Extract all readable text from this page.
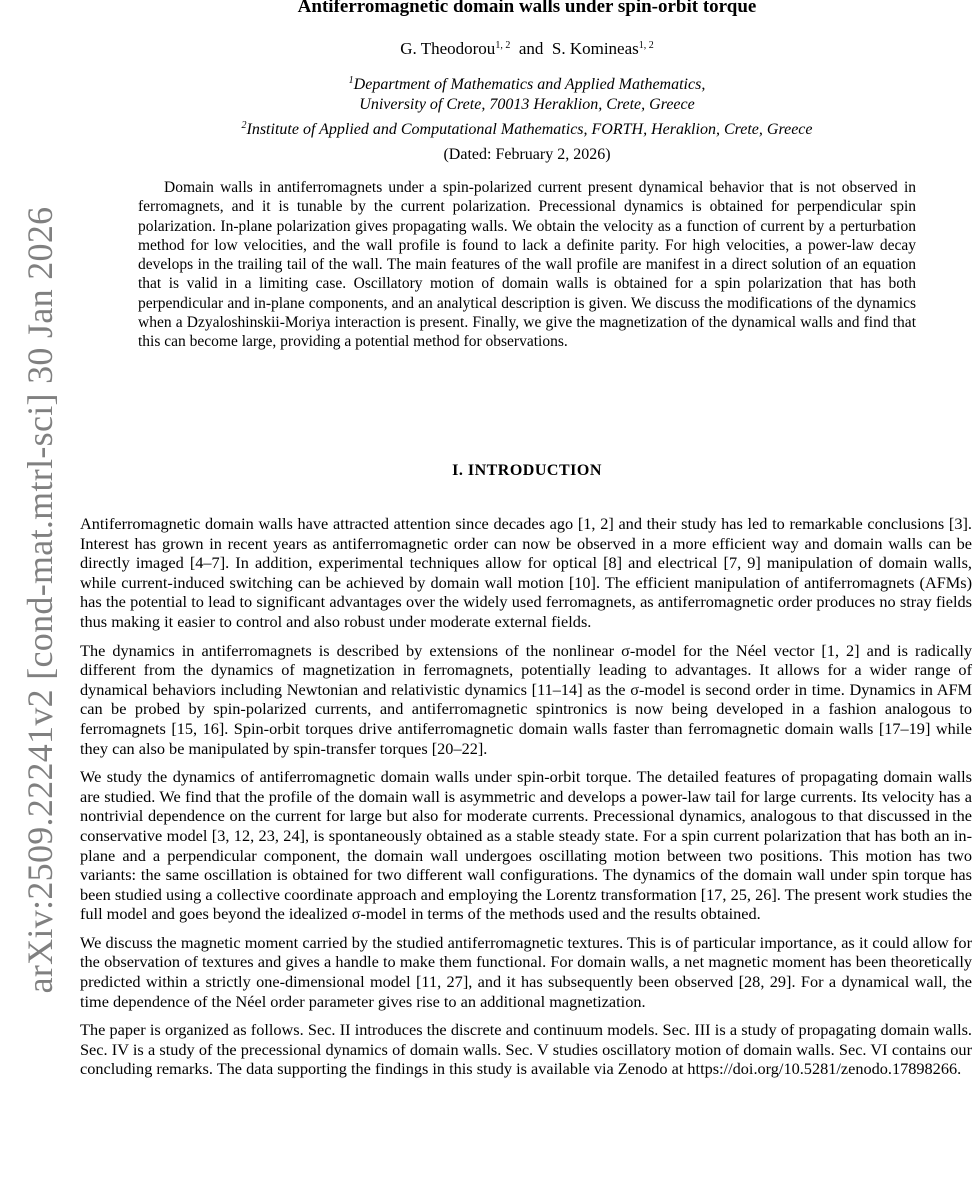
arXiv:2509.22241v2 [cond-mat.mtrl-sci] 30 Jan 2026
Antiferromagnetic domain walls under spin-orbit torque
G. Theodorou$^{1, 2}$ and S. Komineas$^{1, 2}$
$^1$Department of Mathematics and Applied Mathematics,
University of Crete, 70013 Heraklion, Crete, Greece
$^2$Institute of Applied and Computational Mathematics, FORTH, Heraklion, Crete, Greece
(Dated: February 2, 2026)
Domain walls in antiferromagnets under a spin-polarized current present dynamical behavior that is not observed in ferromagnets, and it is tunable by the current polarization. Precessional dynamics is obtained for perpendicular spin polarization. In-plane polarization gives propagating walls. We obtain the velocity as a function of current by a perturbation method for low velocities, and the wall profile is found to lack a definite parity. For high velocities, a power-law decay develops in the trailing tail of the wall. The main features of the wall profile are manifest in a direct solution of an equation that is valid in a limiting case. Oscillatory motion of domain walls is obtained for a spin polarization that has both perpendicular and in-plane components, and an analytical description is given. We discuss the modifications of the dynamics when a Dzyaloshinskii-Moriya interaction is present. Finally, we give the magnetization of the dynamical walls and find that this can become large, providing a potential method for observations.
I. INTRODUCTION

Antiferromagnetic domain walls have attracted attention since decades ago [1, 2] and their study has led to remarkable conclusions [3]. Interest has grown in recent years as antiferromagnetic order can now be observed in a more efficient way and domain walls can be directly imaged [4–7]. In addition, experimental techniques allow for optical [8] and electrical [7, 9] manipulation of domain walls, while current-induced switching can be achieved by domain wall motion [10]. The efficient manipulation of antiferromagnets (AFMs) has the potential to lead to significant advantages over the widely used ferromagnets, as antiferromagnetic order produces no stray fields thus making it easier to control and also robust under moderate external fields.

The dynamics in antiferromagnets is described by extensions of the nonlinear σ-model for the Néel vector [1, 2] and is radically different from the dynamics of magnetization in ferromagnets, potentially leading to advantages. It allows for a wider range of dynamical behaviors including Newtonian and relativistic dynamics [11–14] as the σ-model is second order in time. Dynamics in AFM can be probed by spin-polarized currents, and antiferromagnetic spintronics is now being developed in a fashion analogous to ferromagnets [15, 16]. Spin-orbit torques drive antiferromagnetic domain walls faster than ferromagnetic domain walls [17–19] while they can also be manipulated by spin-transfer torques [20–22].

We study the dynamics of antiferromagnetic domain walls under spin-orbit torque. The detailed features of propagating domain walls are studied. We find that the profile of the domain wall is asymmetric and develops a power-law tail for large currents. Its velocity has a nontrivial dependence on the current for large but also for moderate currents. Precessional dynamics, analogous to that discussed in the conservative model [3, 12, 23, 24], is spontaneously obtained as a stable steady state. For a spin current polarization that has both an in-plane and a perpendicular component, the domain wall undergoes oscillating motion between two positions. This motion has two variants: the same oscillation is obtained for two different wall configurations. The dynamics of the domain wall under spin torque has been studied using a collective coordinate approach and employing the Lorentz transformation [17, 25, 26]. The present work studies the full model and goes beyond the idealized σ-model in terms of the methods used and the results obtained.

We discuss the magnetic moment carried by the studied antiferromagnetic textures. This is of particular importance, as it could allow for the observation of textures and gives a handle to make them functional. For domain walls, a net magnetic moment has been theoretically predicted within a strictly one-dimensional model [11, 27], and it has subsequently been observed [28, 29]. For a dynamical wall, the time dependence of the Néel order parameter gives rise to an additional magnetization.

The paper is organized as follows. Sec. II introduces the discrete and continuum models. Sec. III is a study of propagating domain walls. Sec. IV is a study of the precessional dynamics of domain walls. Sec. V studies oscillatory motion of domain walls. Sec. VI contains our concluding remarks. The data supporting the findings in this study is available via Zenodo at https://doi.org/10.5281/zenodo.17898266.
